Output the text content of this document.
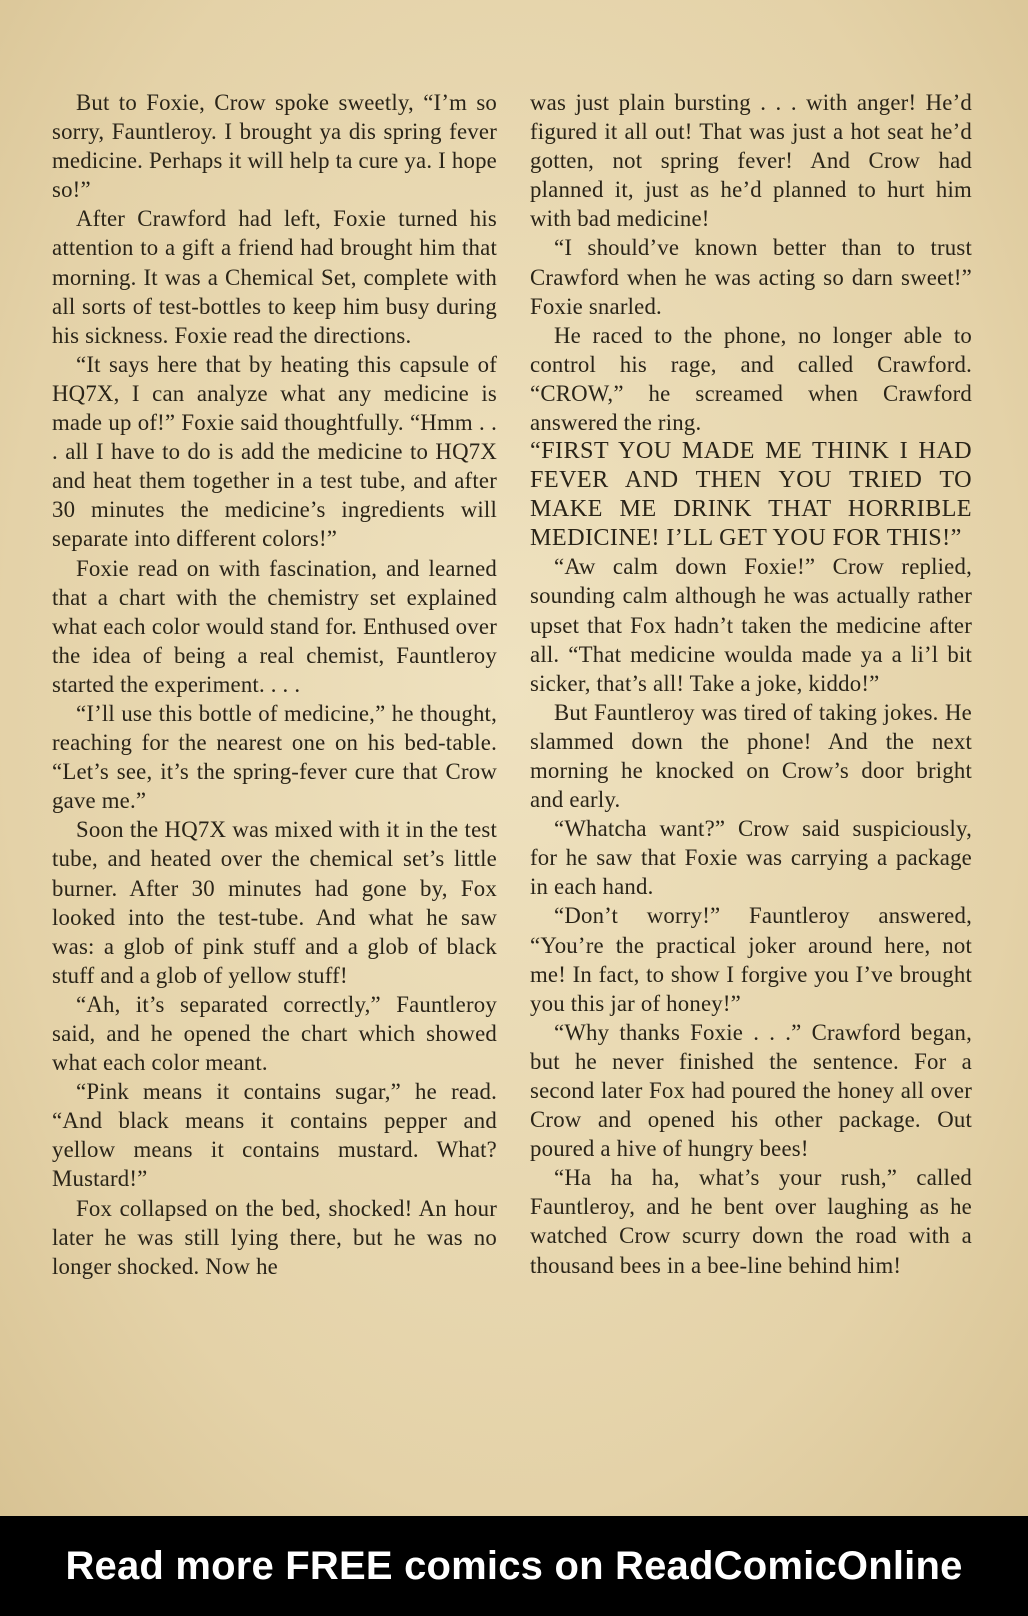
But to Foxie, Crow spoke sweetly, “I’m so sorry, Fauntleroy. I brought ya dis spring fever medicine. Perhaps it will help ta cure ya. I hope so!”

After Crawford had left, Foxie turned his attention to a gift a friend had brought him that morning. It was a Chemical Set, complete with all sorts of test-bottles to keep him busy during his sickness. Foxie read the directions.

“It says here that by heating this capsule of HQ7X, I can analyze what any medicine is made up of!” Foxie said thoughtfully. “Hmm . . . all I have to do is add the medicine to HQ7X and heat them together in a test tube, and after 30 minutes the medicine’s ingredients will separate into different colors!”

Foxie read on with fascination, and learned that a chart with the chemistry set explained what each color would stand for. Enthused over the idea of being a real chemist, Fauntleroy started the experiment. . . .

“I’ll use this bottle of medicine,” he thought, reaching for the nearest one on his bed-table. “Let’s see, it’s the spring-fever cure that Crow gave me.”

Soon the HQ7X was mixed with it in the test tube, and heated over the chemical set’s little burner. After 30 minutes had gone by, Fox looked into the test-tube. And what he saw was: a glob of pink stuff and a glob of black stuff and a glob of yellow stuff!

“Ah, it’s separated correctly,” Fauntleroy said, and he opened the chart which showed what each color meant.

“Pink means it contains sugar,” he read. “And black means it contains pepper and yellow means it contains mustard. What? Mustard!”

Fox collapsed on the bed, shocked! An hour later he was still lying there, but he was no longer shocked. Now he

was just plain bursting . . . with anger! He’d figured it all out! That was just a hot seat he’d gotten, not spring fever! And Crow had planned it, just as he’d planned to hurt him with bad medicine!

“I should’ve known better than to trust Crawford when he was acting so darn sweet!” Foxie snarled.

He raced to the phone, no longer able to control his rage, and called Crawford. “CROW,” he screamed when Crawford answered the ring.

“FIRST YOU MADE ME THINK I HAD FEVER AND THEN YOU TRIED TO MAKE ME DRINK THAT HORRIBLE MEDICINE! I’LL GET YOU FOR THIS!”

“Aw calm down Foxie!” Crow replied, sounding calm although he was actually rather upset that Fox hadn’t taken the medicine after all. “That medicine woulda made ya a li’l bit sicker, that’s all! Take a joke, kiddo!”

But Fauntleroy was tired of taking jokes. He slammed down the phone! And the next morning he knocked on Crow’s door bright and early.

“Whatcha want?” Crow said suspiciously, for he saw that Foxie was carrying a package in each hand.

“Don’t worry!” Fauntleroy answered, “You’re the practical joker around here, not me! In fact, to show I forgive you I’ve brought you this jar of honey!”

“Why thanks Foxie . . .” Crawford began, but he never finished the sentence. For a second later Fox had poured the honey all over Crow and opened his other package. Out poured a hive of hungry bees!

“Ha ha ha, what’s your rush,” called Fauntleroy, and he bent over laughing as he watched Crow scurry down the road with a thousand bees in a bee-line behind him!

Read more FREE comics on ReadComicOnline
